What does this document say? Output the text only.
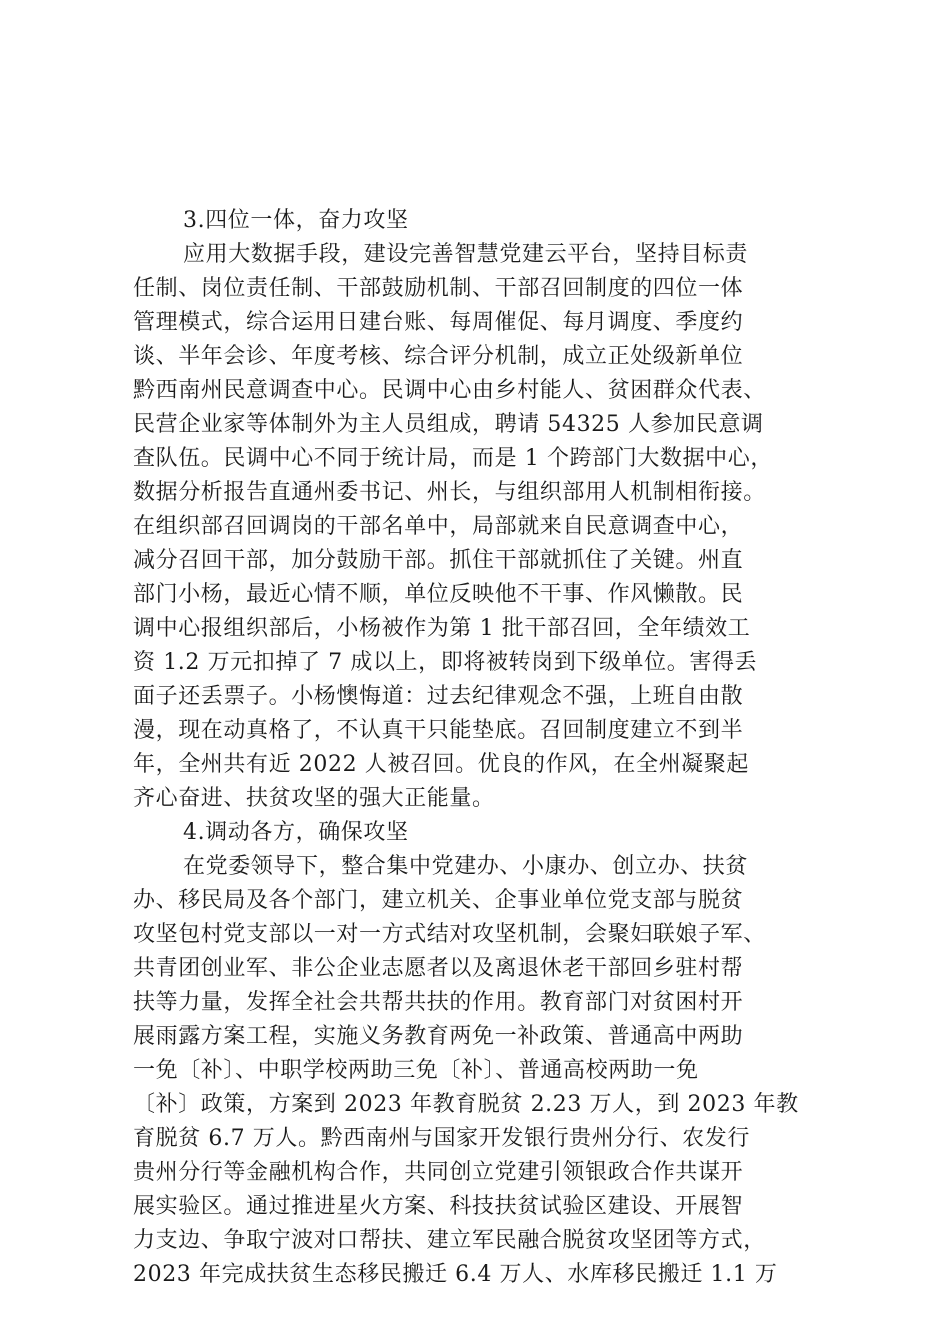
3.四位一体，奋力攻坚
应用大数据手段，建设完善智慧党建云平台，坚持目标责
任制、岗位责任制、干部鼓励机制、干部召回制度的四位一体
管理模式，综合运用日建台账、每周催促、每月调度、季度约
谈、半年会诊、年度考核、综合评分机制，成立正处级新单位
黔西南州民意调查中心。民调中心由乡村能人、贫困群众代表、
民营企业家等体制外为主人员组成，聘请 54325 人参加民意调
查队伍。民调中心不同于统计局，而是 1 个跨部门大数据中心，
数据分析报告直通州委书记、州长，与组织部用人机制相衔接。
在组织部召回调岗的干部名单中，局部就来自民意调查中心，
减分召回干部，加分鼓励干部。抓住干部就抓住了关键。州直
部门小杨，最近心情不顺，单位反映他不干事、作风懒散。民
调中心报组织部后，小杨被作为第 1 批干部召回，全年绩效工
资 1.2 万元扣掉了 7 成以上，即将被转岗到下级单位。害得丢
面子还丢票子。小杨懊悔道：过去纪律观念不强，上班自由散
漫，现在动真格了，不认真干只能垫底。召回制度建立不到半
年，全州共有近 2022 人被召回。优良的作风，在全州凝聚起
齐心奋进、扶贫攻坚的强大正能量。
4.调动各方，确保攻坚
在党委领导下，整合集中党建办、小康办、创立办、扶贫
办、移民局及各个部门，建立机关、企事业单位党支部与脱贫
攻坚包村党支部以一对一方式结对攻坚机制，会聚妇联娘子军、
共青团创业军、非公企业志愿者以及离退休老干部回乡驻村帮
扶等力量，发挥全社会共帮共扶的作用。教育部门对贫困村开
展雨露方案工程，实施义务教育两免一补政策、普通高中两助
一免〔补〕、中职学校两助三免〔补〕、普通高校两助一免
〔补〕政策，方案到 2023 年教育脱贫 2.23 万人，到 2023 年教
育脱贫 6.7 万人。黔西南州与国家开发银行贵州分行、农发行
贵州分行等金融机构合作，共同创立党建引领银政合作共谋开
展实验区。通过推进星火方案、科技扶贫试验区建设、开展智
力支边、争取宁波对口帮扶、建立军民融合脱贫攻坚团等方式，
2023 年完成扶贫生态移民搬迁 6.4 万人、水库移民搬迁 1.1 万
